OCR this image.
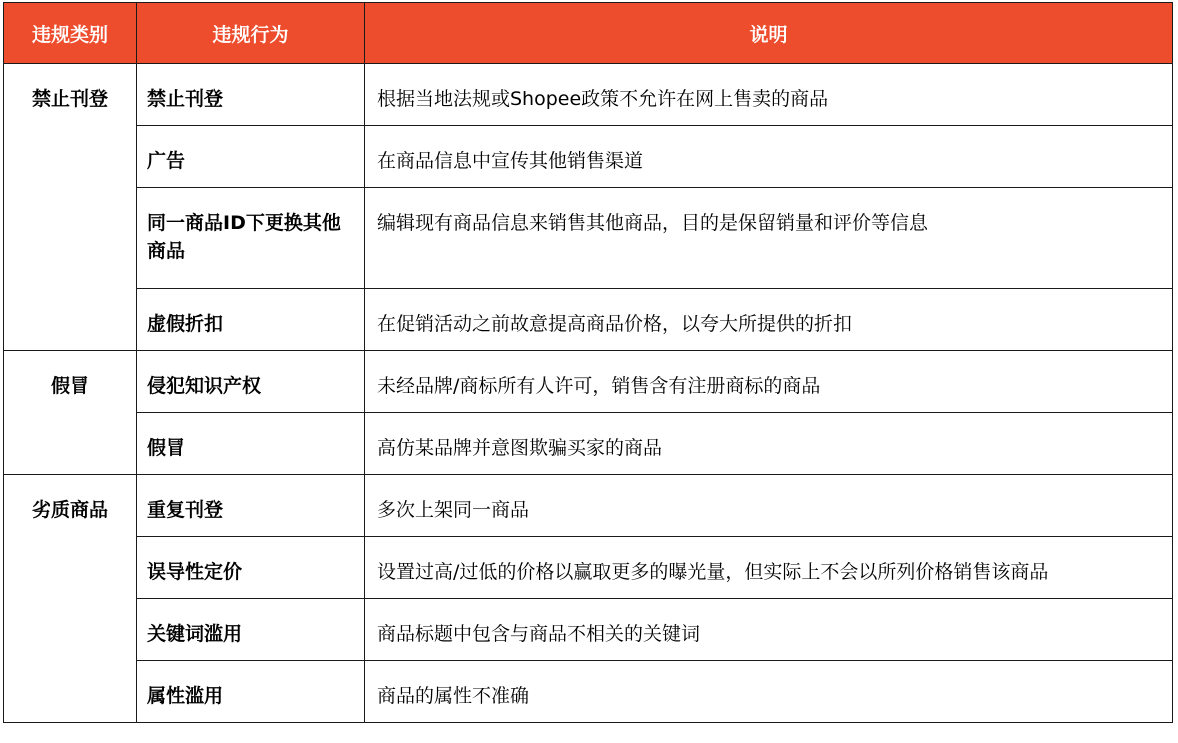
违规类别	违规行为	说明
禁止刊登	禁止刊登	根据当地法规或Shopee政策不允许在网上售卖的商品
	广告	在商品信息中宣传其他销售渠道
	同一商品ID下更换其他商品	编辑现有商品信息来销售其他商品，目的是保留销量和评价等信息
	虚假折扣	在促销活动之前故意提高商品价格，以夸大所提供的折扣
假冒	侵犯知识产权	未经品牌/商标所有人许可，销售含有注册商标的商品
	假冒	高仿某品牌并意图欺骗买家的商品
劣质商品	重复刊登	多次上架同一商品
	误导性定价	设置过高/过低的价格以赢取更多的曝光量，但实际上不会以所列价格销售该商品
	关键词滥用	商品标题中包含与商品不相关的关键词
	属性滥用	商品的属性不准确
